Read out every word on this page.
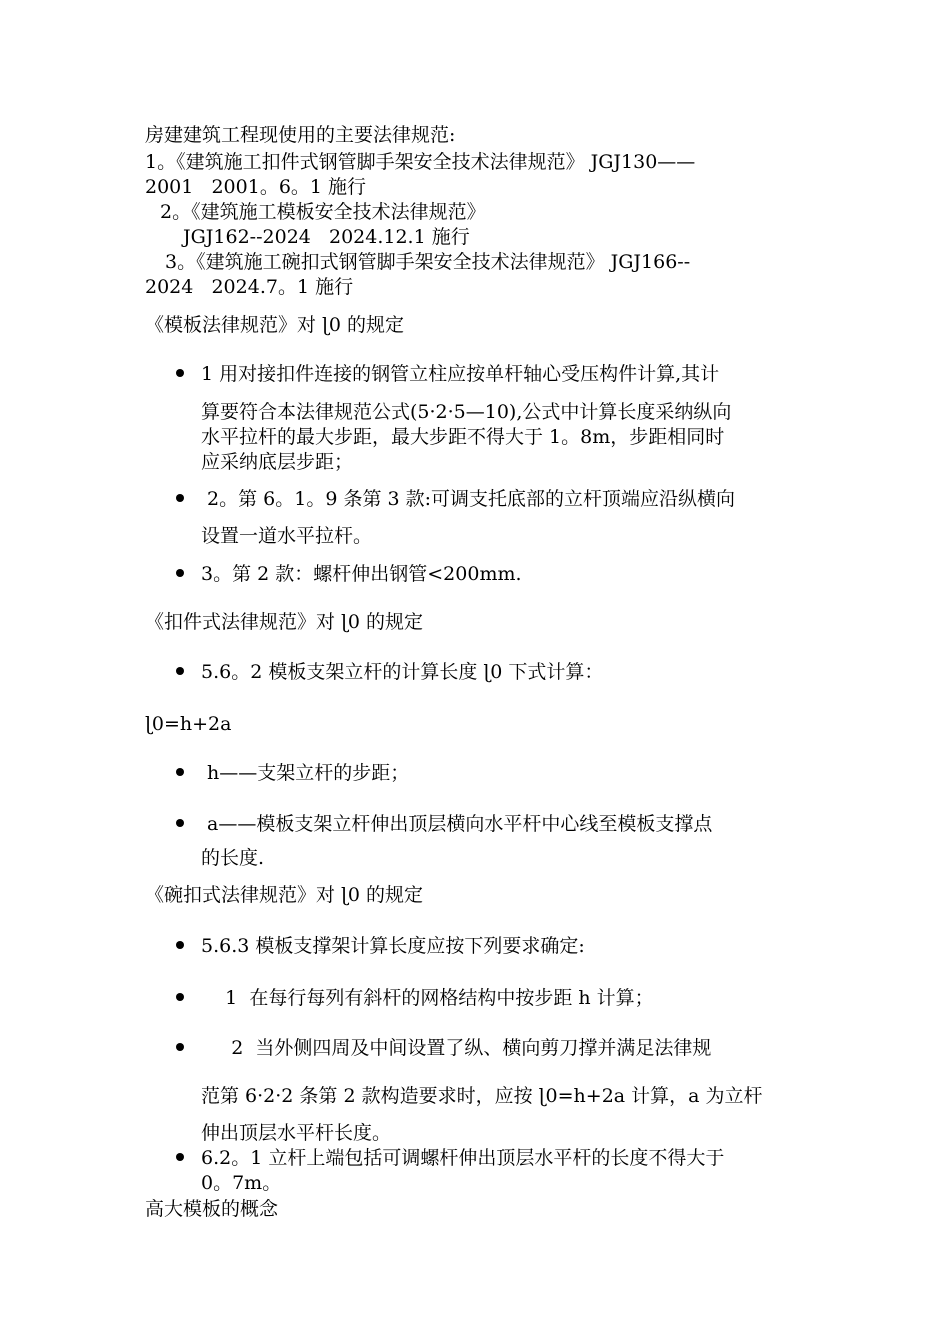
房建建筑工程现使用的主要法律规范:
1。《建筑施工扣件式钢管脚手架安全技术法律规范》 JGJ130——
2001   2001。6。1 施行
2。《建筑施工模板安全技术法律规范》
JGJ162--2024   2024.12.1 施行
3。《建筑施工碗扣式钢管脚手架安全技术法律规范》 JGJ166--
2024   2024.7。1 施行
《模板法律规范》对 ɭ0 的规定
1 用对接扣件连接的钢管立柱应按单杆轴心受压构件计算,其计
算要符合本法律规范公式(5·2·5—10),公式中计算长度采纳纵向
水平拉杆的最大步距，最大步距不得大于 1。8m，步距相同时
应采纳底层步距；
2。第 6。1。9 条第 3 款:可调支托底部的立杆顶端应沿纵横向
设置一道水平拉杆。
3。第 2 款：螺杆伸出钢管<200mm.
《扣件式法律规范》对 ɭ0 的规定
5.6。2 模板支架立杆的计算长度 ɭ0 下式计算：
ɭ0=h+2a
h——支架立杆的步距；
a——模板支架立杆伸出顶层横向水平杆中心线至模板支撑点
的长度.
《碗扣式法律规范》对 ɭ0 的规定
5.6.3 模板支撑架计算长度应按下列要求确定:
1  在每行每列有斜杆的网格结构中按步距 h 计算；
2  当外侧四周及中间设置了纵、横向剪刀撑并满足法律规
范第 6·2·2 条第 2 款构造要求时，应按 ɭ0=h+2a 计算，a 为立杆
伸出顶层水平杆长度。
6.2。1 立杆上端包括可调螺杆伸出顶层水平杆的长度不得大于
0。7m。
高大模板的概念
